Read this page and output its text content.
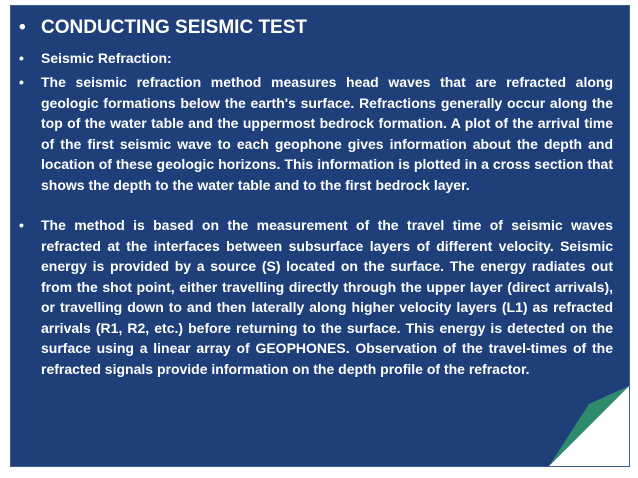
• CONDUCTING SEISMIC TEST
• Seismic Refraction:
• The seismic refraction method measures head waves that are refracted along geologic formations below the earth's surface. Refractions generally occur along the top of the water table and the uppermost bedrock formation. A plot of the arrival time of the first seismic wave to each geophone gives information about the depth and location of these geologic horizons. This information is plotted in a cross section that shows the depth to the water table and to the first bedrock layer.
• The method is based on the measurement of the travel time of seismic waves refracted at the interfaces between subsurface layers of different velocity. Seismic energy is provided by a source (S) located on the surface. The energy radiates out from the shot point, either travelling directly through the upper layer (direct arrivals), or travelling down to and then laterally along higher velocity layers (L1) as refracted arrivals (R1, R2, etc.) before returning to the surface. This energy is detected on the surface using a linear array of GEOPHONES. Observation of the travel-times of the refracted signals provide information on the depth profile of the refractor.
